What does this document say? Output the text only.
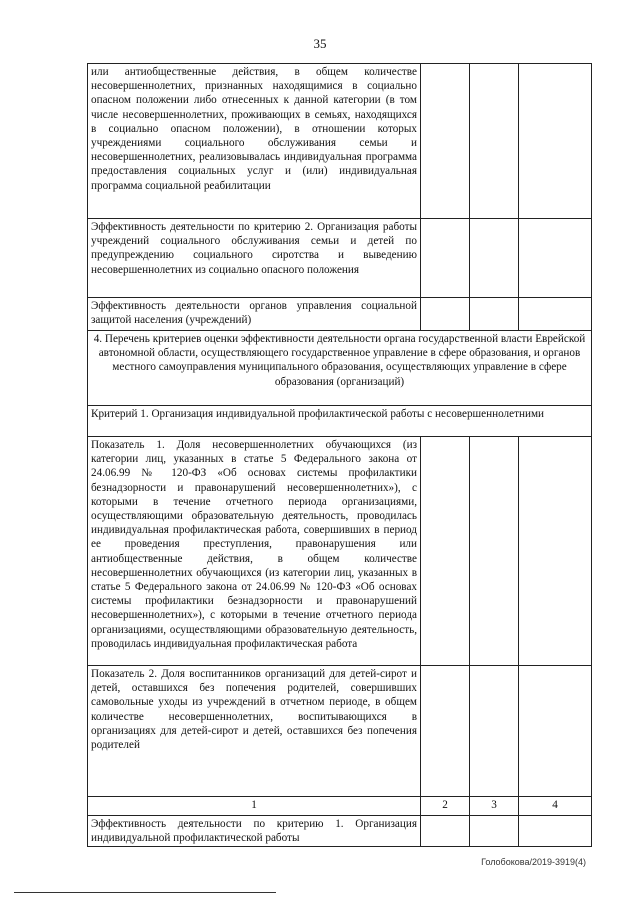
35
или антиобщественные действия, в общем количестве несовершеннолетних, признанных находящимися в социально опасном положении либо отнесенных к данной категории (в том числе несовершеннолетних, проживающих в семьях, находящихся в социально опасном положении), в отношении которых учреждениями социального обслуживания семьи и несовершеннолетних, реализовывалась индивидуальная программа предоставления социальных услуг и (или) индивидуальная программа социальной реабилитации			
Эффективность деятельности по критерию 2. Организация работы учреждений социального обслуживания семьи и детей по предупреждению социального сиротства и выведению несовершеннолетних из социально опасного положения			
Эффективность деятельности органов управления социальной защитой населения (учреждений)			
4. Перечень критериев оценки эффективности деятельности органа государственной власти Еврейской автономной области, осуществляющего государственное управление в сфере образования, и органов местного самоуправления муниципального образования, осуществляющих управление в сфере образования (организаций)			
Критерий 1. Организация индивидуальной профилактической работы с несовершеннолетними			
Показатель 1. Доля несовершеннолетних обучающихся (из категории лиц, указанных в статье 5 Федерального закона от 24.06.99 № 120-ФЗ «Об основах системы профилактики безнадзорности и правонарушений несовершеннолетних»), с которыми в течение отчетного периода организациями, осуществляющими образовательную деятельность, проводилась индивидуальная профилактическая работа, совершивших в период ее проведения преступления, правонарушения или антиобщественные действия, в общем количестве несовершеннолетних обучающихся (из категории лиц, указанных в статье 5 Федерального закона от 24.06.99 № 120-ФЗ «Об основах системы профилактики безнадзорности и правонарушений несовершеннолетних»), с которыми в течение отчетного периода организациями, осуществляющими образовательную деятельность, проводилась индивидуальная профилактическая работа			
Показатель 2. Доля воспитанников организаций для детей-сирот и детей, оставшихся без попечения родителей, совершивших самовольные уходы из учреждений в отчетном периоде, в общем количестве несовершеннолетних, воспитывающихся в организациях для детей-сирот и детей, оставшихся без попечения родителей			
1	2	3	4
Эффективность деятельности по критерию 1. Организация индивидуальной профилактической работы			
Голобокова/2019-3919(4)
